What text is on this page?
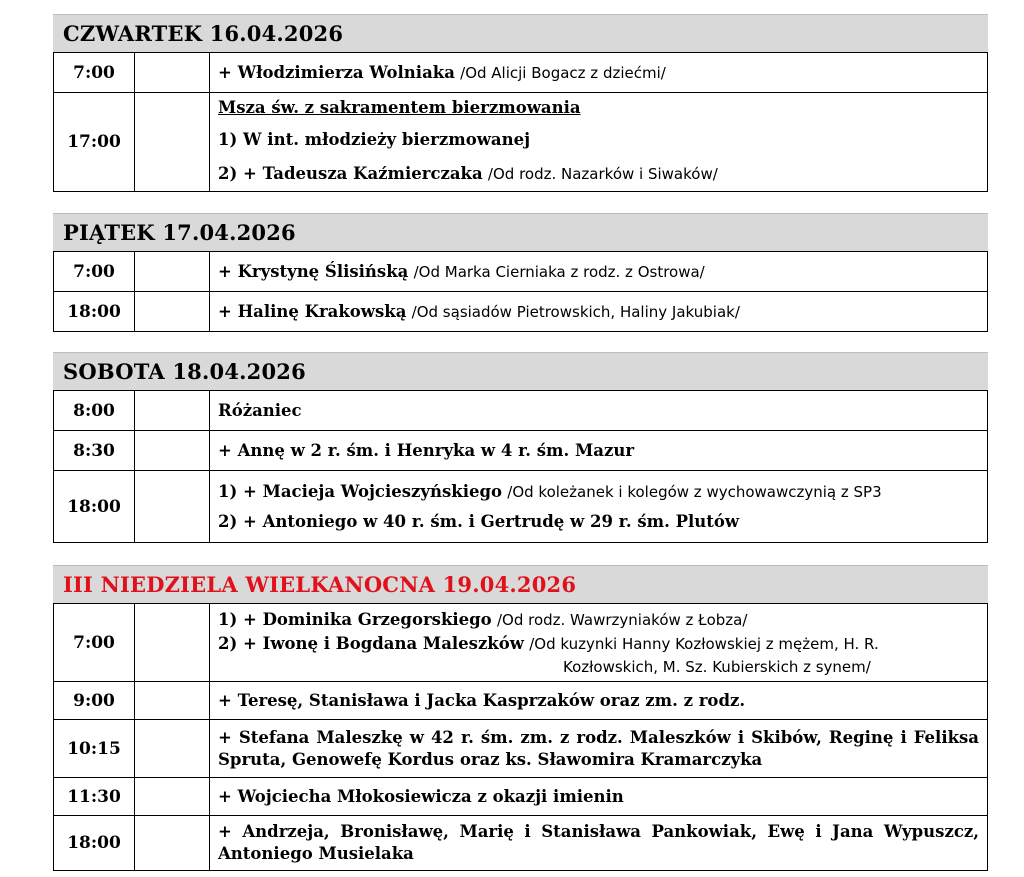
CZWARTEK 16.04.2026
7:00		+ Włodzimierza Wolniaka /Od Alicji Bogacz z dziećmi/

17:00		Msza św. z sakramentem bierzmowania
1) W int. młodzieży bierzmowanej
2) + Tadeusza Kaźmierczaka /Od rodz. Nazarków i Siwaków/
PIĄTEK 17.04.2026
7:00		+ Krystynę Ślisińską /Od Marka Cierniaka z rodz. z Ostrowa/

18:00		+ Halinę Krakowską /Od sąsiadów Pietrowskich, Haliny Jakubiak/
SOBOTA 18.04.2026
8:00		Różaniec

8:30		+ Annę w 2 r. śm. i Henryka w 4 r. śm. Mazur

18:00		1) + Macieja Wojcieszyńskiego /Od koleżanek i kolegów z wychowawczynią z SP3
2) + Antoniego w 40 r. śm. i Gertrudę w 29 r. śm. Plutów
III NIEDZIELA WIELKANOCNA 19.04.2026
7:00		1) + Dominika Grzegorskiego /Od rodz. Wawrzyniaków z Łobza/
2) + Iwonę i Bogdana Maleszków /Od kuzynki Hanny Kozłowskiej z mężem, H. R.
Kozłowskich, M. Sz. Kubierskich z synem/

9:00		+ Teresę, Stanisława i Jacka Kasprzaków oraz zm. z rodz.

10:15		+ Stefana Maleszkę w 42 r. śm. zm. z rodz. Maleszków i Skibów, Reginę i Feliksa Spruta, Genowefę Kordus oraz ks. Sławomira Kramarczyka

11:30		+ Wojciecha Młokosiewicza z okazji imienin

18:00		+ Andrzeja, Bronisławę, Marię i Stanisława Pankowiak, Ewę i Jana Wypuszcz, Antoniego Musielaka
